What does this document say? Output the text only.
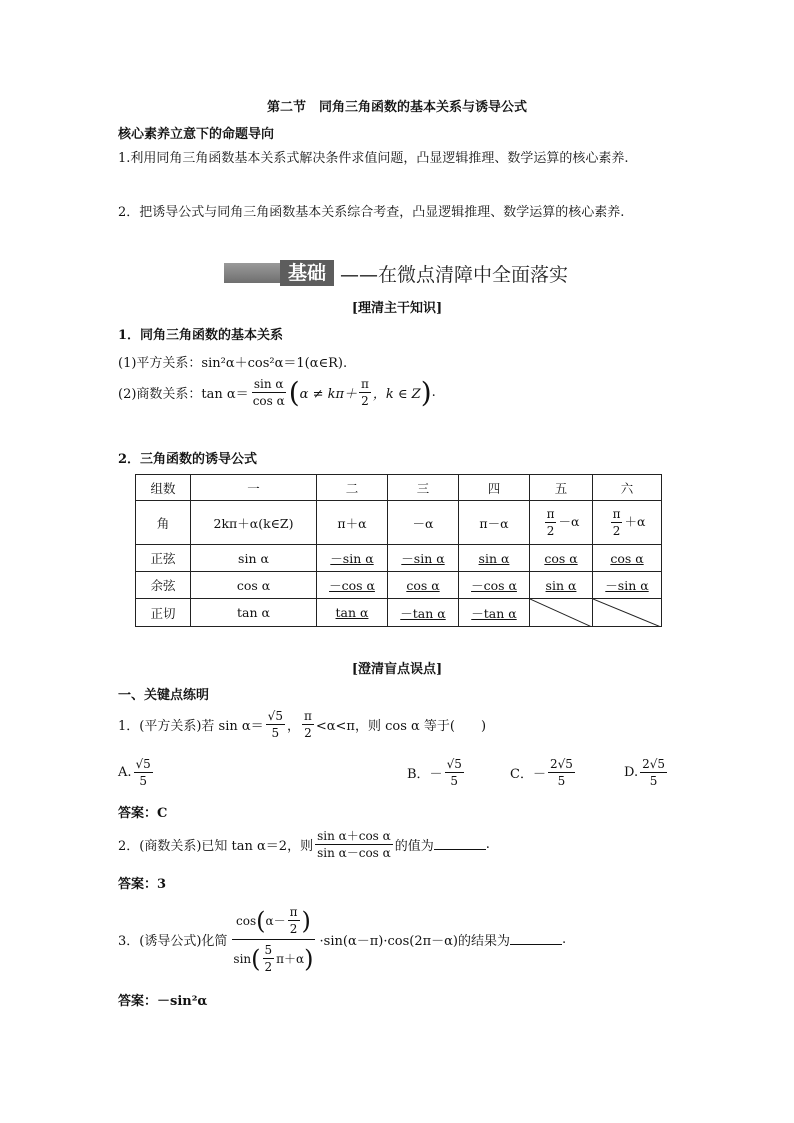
第二节　同角三角函数的基本关系与诱导公式
核心素养立意下的命题导向
1.利用同角三角函数基本关系式解决条件求值问题，凸显逻辑推理、数学运算的核心素养.
2．把诱导公式与同角三角函数基本关系综合考查，凸显逻辑推理、数学运算的核心素养.
基础 ——在微点清障中全面落实
[理清主干知识]
1．同角三角函数的基本关系
(1)平方关系：sin²α＋cos²α＝1(α∈R).
(2)商数关系：$\tan \alpha= \frac{\text{sin α}}{\text{cos α}}$ ( $\alpha \ne k\pi+ \frac{\pi}{2}$ ，k ∈ Z ) .
2．三角函数的诱导公式
组数	一	二	三	四	五	六
角	2kπ＋α(k∈Z)	π＋α	－α	π－α	$\frac{\pi}{2} -\alpha$	$\frac{\pi}{2} +\alpha$
正弦	sin α	－sin α	－sin α	sin α	cos α	cos α
余弦	cos α	－cos α	cos α	－cos α	sin α	－sin α
正切	tan α	tan α	－tan α	－tan α	

[澄清盲点误点]
一、关键点练明
1．(平方关系)若 $\sin \alpha= \frac{√5}{5}$ ， $\frac{\pi}{2} <\alpha<\pi$，则 cos α 等于(　　)
A. $\frac{√5}{5}$	B．－ $\frac{√5}{5}$	C．－ $\frac{2√5}{5}$	D. $\frac{2√5}{5}$
答案：C
2．(商数关系)已知 tan α＝2，则 $\frac{\text{sin α＋cos α}}{\text{sin α－cos α}}$ 的值为	.
答案：3
3．(诱导公式)化简
cos ( $\alpha- \frac{\pi}{2}$ )
sin ( $\frac{5}{2} \pi+\alpha$ )
·sin(α－π)·cos(2π－α)的结果为	.
答案：－sin²α
